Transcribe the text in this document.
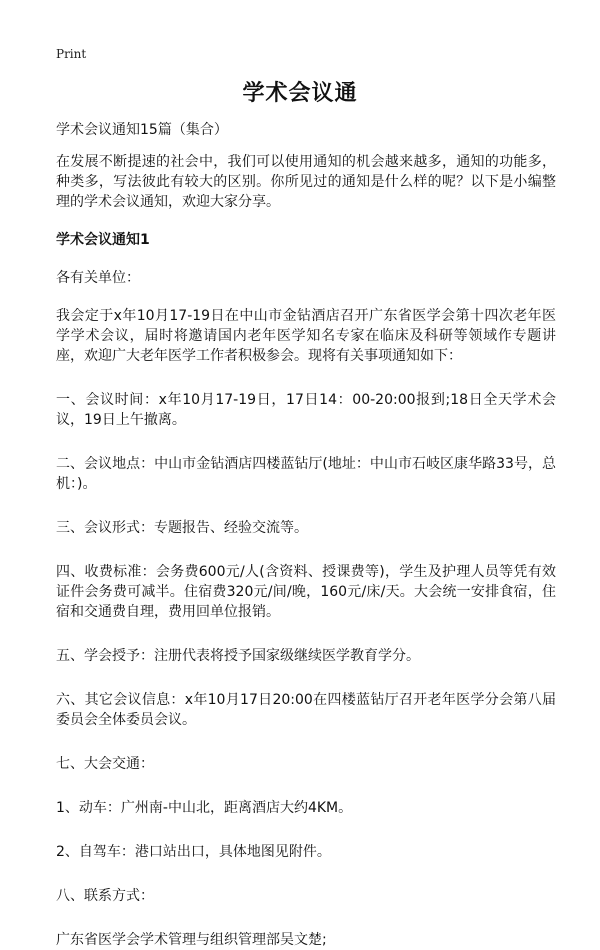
Print
学术会议通

学术会议通知15篇（集合）

在发展不断提速的社会中，我们可以使用通知的机会越来越多，通知的功能多，种类多，写法彼此有较大的区别。你所见过的通知是什么样的呢？以下是小编整理的学术会议通知，欢迎大家分享。

学术会议通知1

各有关单位：

我会定于x年10月17-19日在中山市金钻酒店召开广东省医学会第十四次老年医学学术会议，届时将邀请国内老年医学知名专家在临床及科研等领域作专题讲座，欢迎广大老年医学工作者积极参会。现将有关事项通知如下：

一、会议时间：x年10月17-19日，17日14：00-20:00报到;18日全天学术会议，19日上午撤离。

二、会议地点：中山市金钻酒店四楼蓝钻厅(地址：中山市石岐区康华路33号，总机：)。

三、会议形式：专题报告、经验交流等。

四、收费标准：会务费600元/人(含资料、授课费等)，学生及护理人员等凭有效证件会务费可减半。住宿费320元/间/晚，160元/床/天。大会统一安排食宿，住宿和交通费自理，费用回单位报销。

五、学会授予：注册代表将授予国家级继续医学教育学分。

六、其它会议信息：x年10月17日20:00在四楼蓝钻厅召开老年医学分会第八届委员会全体委员会议。

七、大会交通：

1、动车：广州南-中山北，距离酒店大约4KM。

2、自驾车：港口站出口，具体地图见附件。

八、联系方式：

广东省医学会学术管理与组织管理部吴文楚;
